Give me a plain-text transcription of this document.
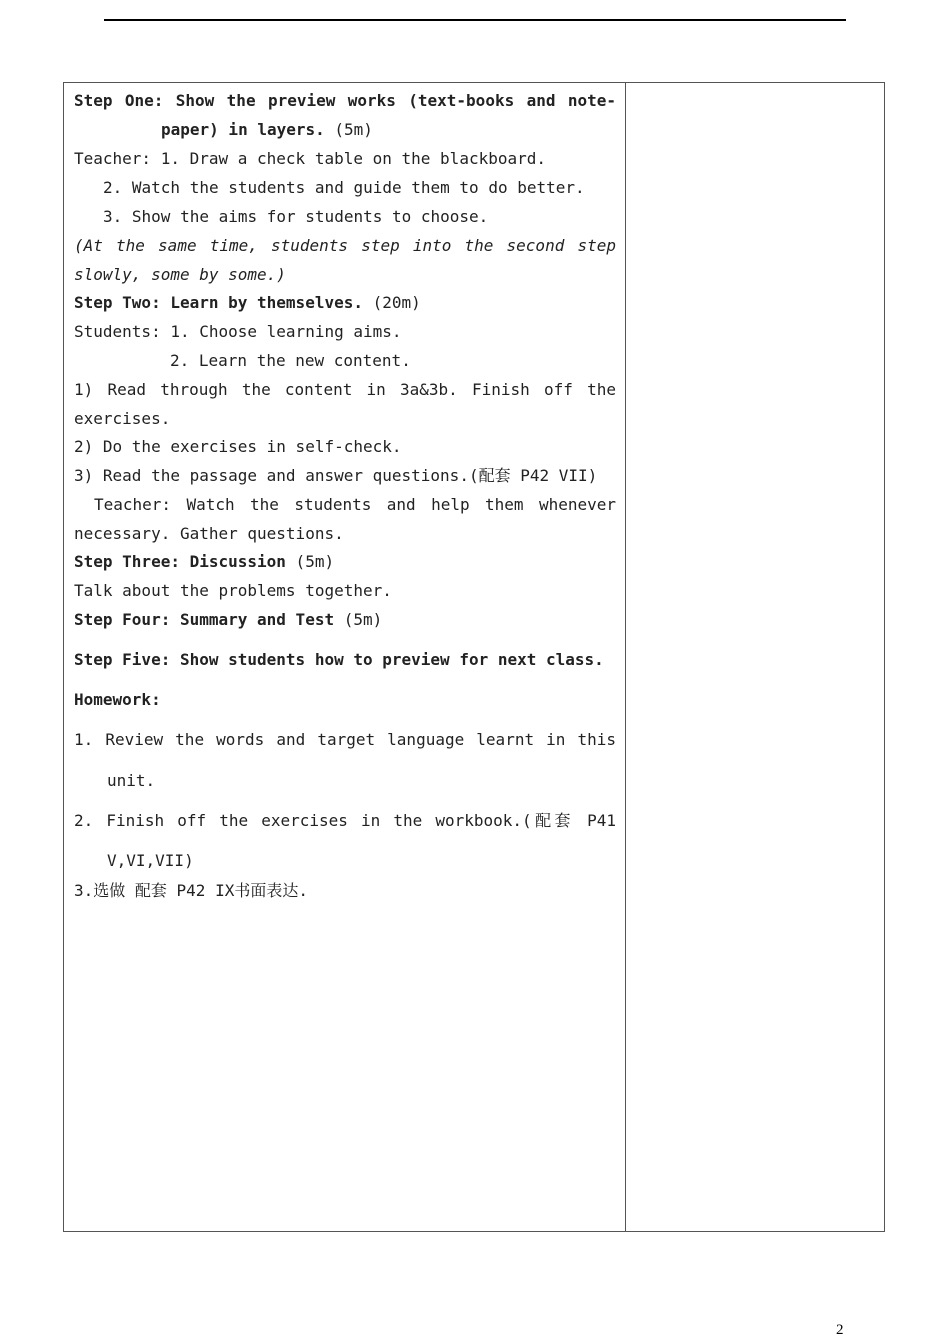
Step One: Show the preview works (text-books and note-
paper) in layers. (5m)
Teacher: 1. Draw a check table on the blackboard.
2. Watch the students and guide them to do better.
3. Show the aims for students to choose.
(At the same time, students step into the second step
slowly, some by some.)
Step Two: Learn by themselves. (20m)
Students: 1. Choose learning aims.
2. Learn the new content.
1) Read through the content in 3a&3b. Finish off the
exercises.
2) Do the exercises in self-check.
3) Read the passage and answer questions.(配套 P42 VII)
Teacher: Watch the students and help them whenever
necessary. Gather questions.
Step Three: Discussion (5m)
Talk about the problems together.
Step Four: Summary and Test (5m)
Step Five: Show students how to preview for next class.
Homework:
1. Review the words and target language learnt in this
unit.
2. Finish off the exercises in the workbook.(配套 P41
V,VI,VII)
3.选做 配套 P42 IX书面表达.
2
